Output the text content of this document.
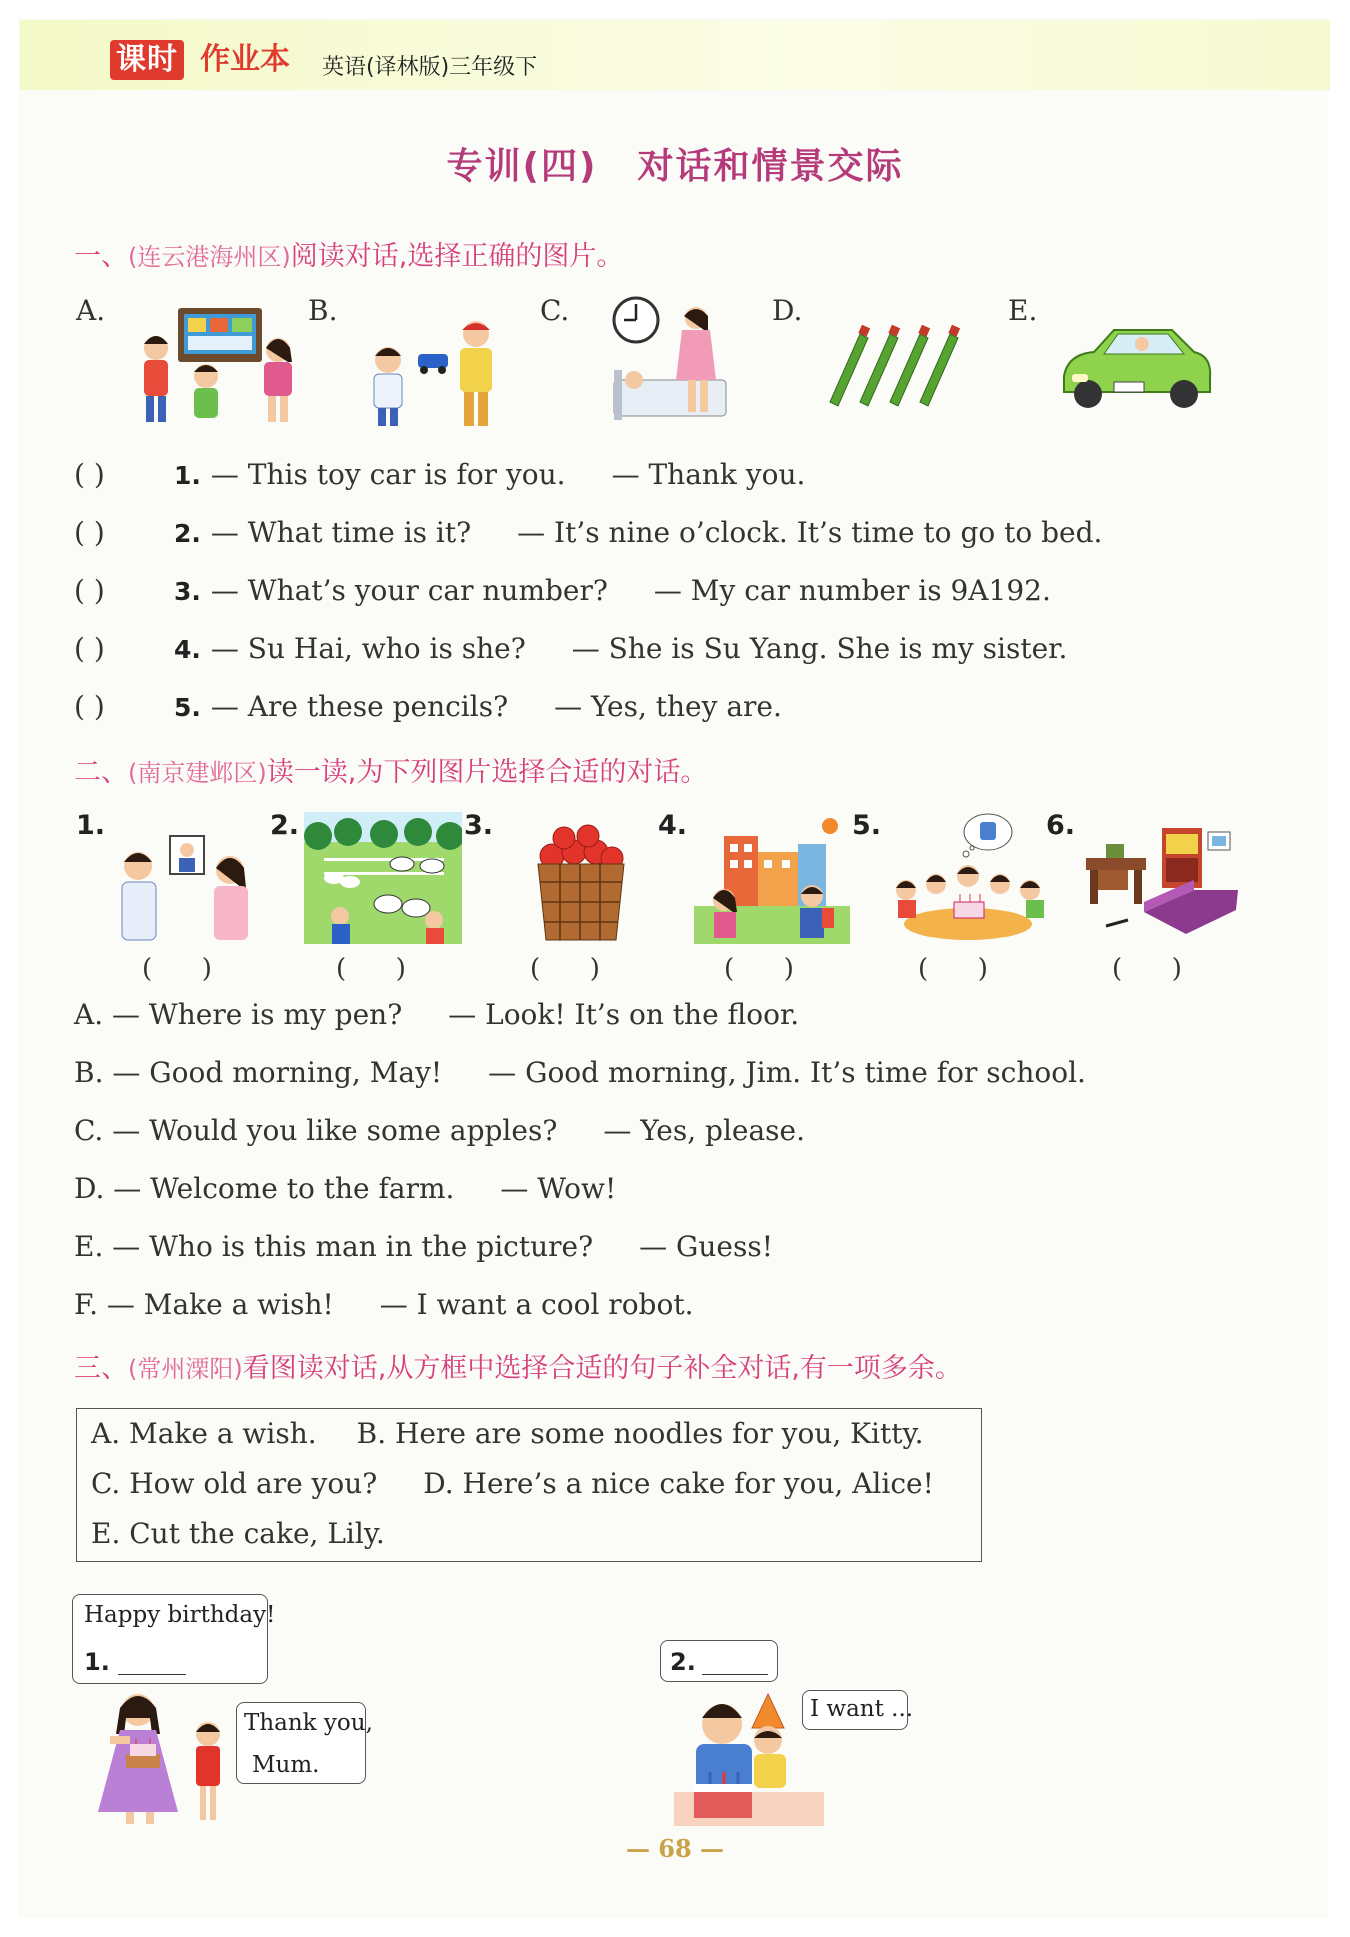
课时 作业本 英语(译林版)三年级下
专训(四) 对话和情景交际
一、(连云港海州区)阅读对话,选择正确的图片。
A.	B.	C.	D.	E.
( )	1. — This toy car is for you. — Thank you.
( )	2. — What time is it? — It’s nine o’clock. It’s time to go to bed.
( )	3. — What’s your car number? — My car number is 9A192.
( )	4. — Su Hai, who is she? — She is Su Yang. She is my sister.
( )	5. — Are these pencils? — Yes, they are.
二、(南京建邺区)读一读,为下列图片选择合适的对话。
1.	2.	3.	4.	5.	6.
(      )	(      )	(      )	(      )	(      )	(      )
A. — Where is my pen? — Look! It’s on the floor.
B. — Good morning, May! — Good morning, Jim. It’s time for school.
C. — Would you like some apples? — Yes, please.
D. — Welcome to the farm. — Wow!
E. — Who is this man in the picture? — Guess!
F. — Make a wish! — I want a cool robot.
三、(常州溧阳)看图读对话,从方框中选择合适的句子补全对话,有一项多余。
A. Make a wish. B. Here are some noodles for you, Kitty.
C. How old are you? D. Here’s a nice cake for you, Alice!
E. Cut the cake, Lily.
Happy birthday!
1.
Thank you,
Mum.
2.
I want ...
— 68 —
